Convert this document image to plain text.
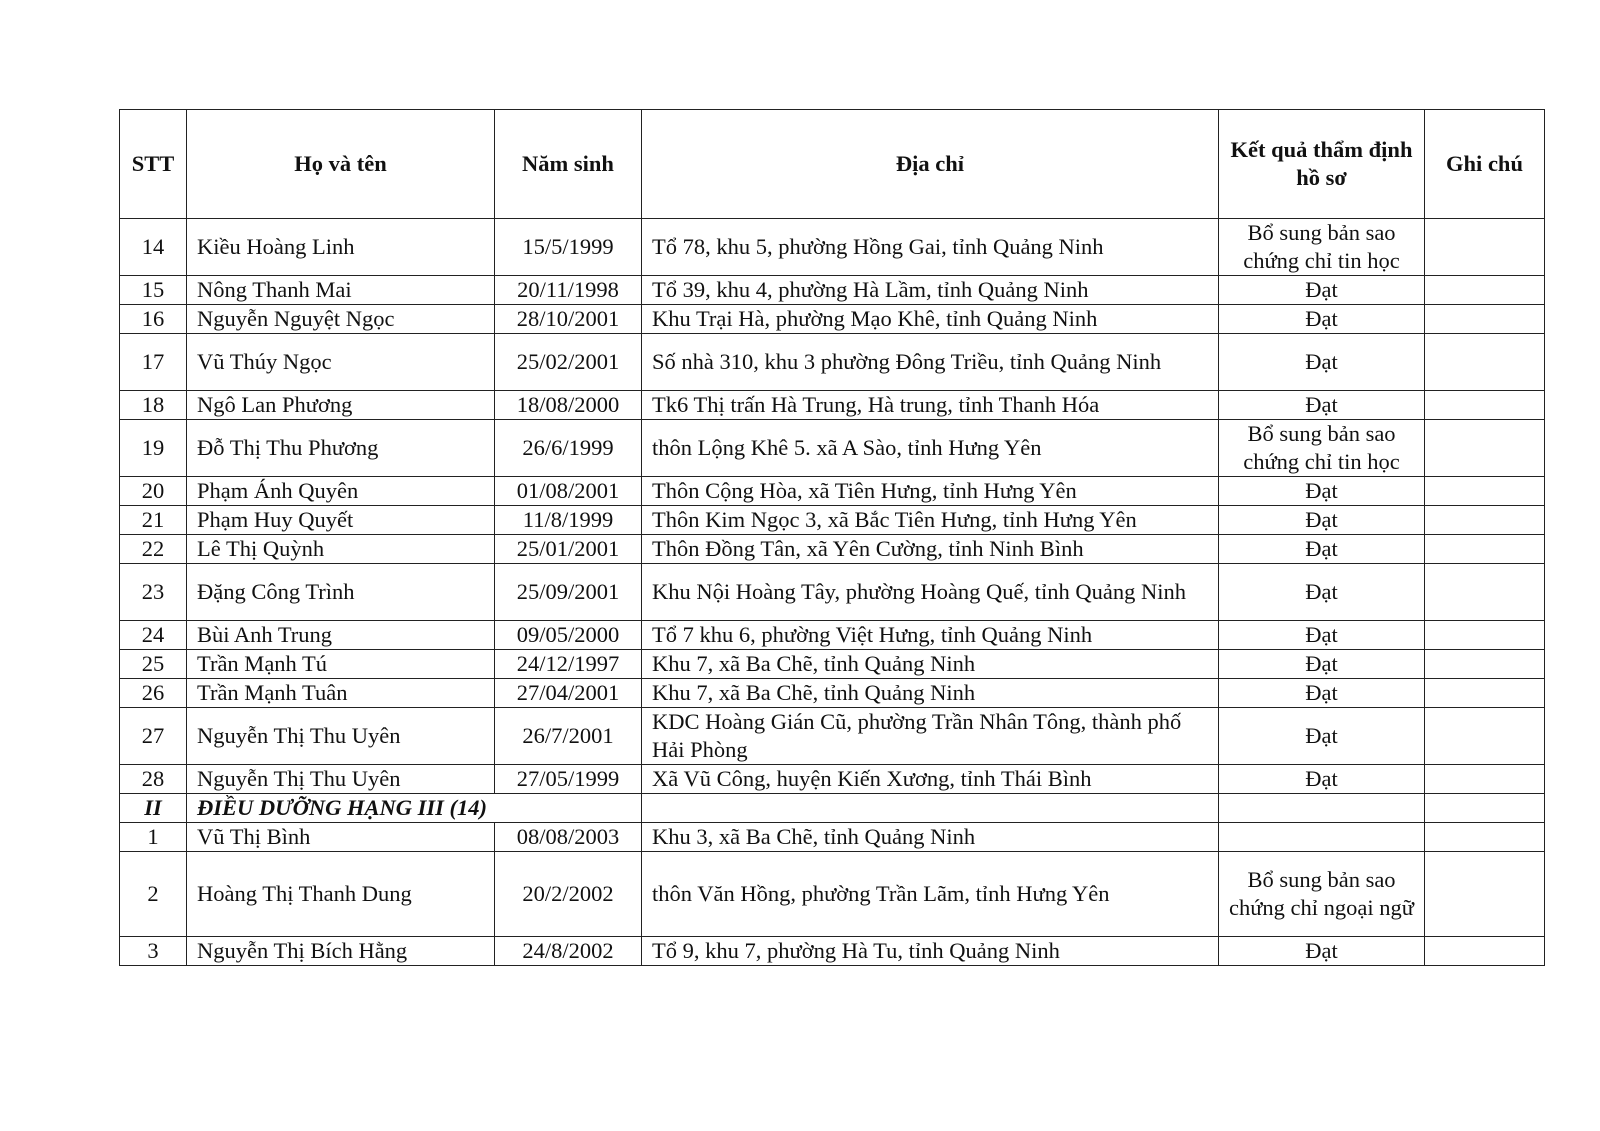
STT	Họ và tên	Năm sinh	Địa chỉ	Kết quả thẩm định hồ sơ	Ghi chú
14	Kiều Hoàng Linh	15/5/1999	Tổ 78, khu 5, phường Hồng Gai, tỉnh Quảng Ninh	Bổ sung bản sao chứng chỉ tin học	
15	Nông Thanh Mai	20/11/1998	Tổ 39, khu 4, phường Hà Lầm, tỉnh Quảng Ninh	Đạt	
16	Nguyễn Nguyệt Ngọc	28/10/2001	Khu Trại Hà, phường Mạo Khê, tỉnh Quảng Ninh	Đạt	
17	Vũ Thúy Ngọc	25/02/2001	Số nhà 310, khu 3 phường Đông Triều, tỉnh Quảng Ninh	Đạt	
18	Ngô Lan Phương	18/08/2000	Tk6 Thị trấn Hà Trung, Hà trung, tỉnh Thanh Hóa	Đạt	
19	Đỗ Thị Thu Phương	26/6/1999	thôn Lộng Khê 5. xã A Sào, tỉnh Hưng Yên	Bổ sung bản sao chứng chỉ tin học	
20	Phạm Ánh Quyên	01/08/2001	Thôn Cộng Hòa, xã Tiên Hưng, tỉnh Hưng Yên	Đạt	
21	Phạm Huy Quyết	11/8/1999	Thôn Kim Ngọc 3, xã Bắc Tiên Hưng, tỉnh Hưng Yên	Đạt	
22	Lê Thị Quỳnh	25/01/2001	Thôn Đồng Tân, xã Yên Cường, tỉnh Ninh Bình	Đạt	
23	Đặng Công Trình	25/09/2001	Khu Nội Hoàng Tây, phường Hoàng Quế, tỉnh Quảng Ninh	Đạt	
24	Bùi Anh Trung	09/05/2000	Tổ 7 khu 6, phường Việt Hưng, tỉnh Quảng Ninh	Đạt	
25	Trần Mạnh Tú	24/12/1997	Khu 7, xã Ba Chẽ, tỉnh Quảng Ninh	Đạt	
26	Trần Mạnh Tuân	27/04/2001	Khu 7, xã Ba Chẽ, tỉnh Quảng Ninh	Đạt	
27	Nguyễn Thị Thu Uyên	26/7/2001	KDC Hoàng Gián Cũ, phường Trần Nhân Tông, thành phố Hải Phòng	Đạt	
28	Nguyễn Thị Thu Uyên	27/05/1999	Xã Vũ Công, huyện Kiến Xương, tỉnh Thái Bình	Đạt	
II	ĐIỀU DƯỠNG HẠNG III (14)				
1	Vũ Thị Bình	08/08/2003	Khu 3, xã Ba Chẽ, tỉnh Quảng Ninh		
2	Hoàng Thị Thanh Dung	20/2/2002	thôn Văn Hồng, phường Trần Lãm, tỉnh Hưng Yên	Bổ sung bản sao chứng chỉ ngoại ngữ	
3	Nguyễn Thị Bích Hằng	24/8/2002	Tổ 9, khu 7, phường Hà Tu, tỉnh Quảng Ninh	Đạt	
